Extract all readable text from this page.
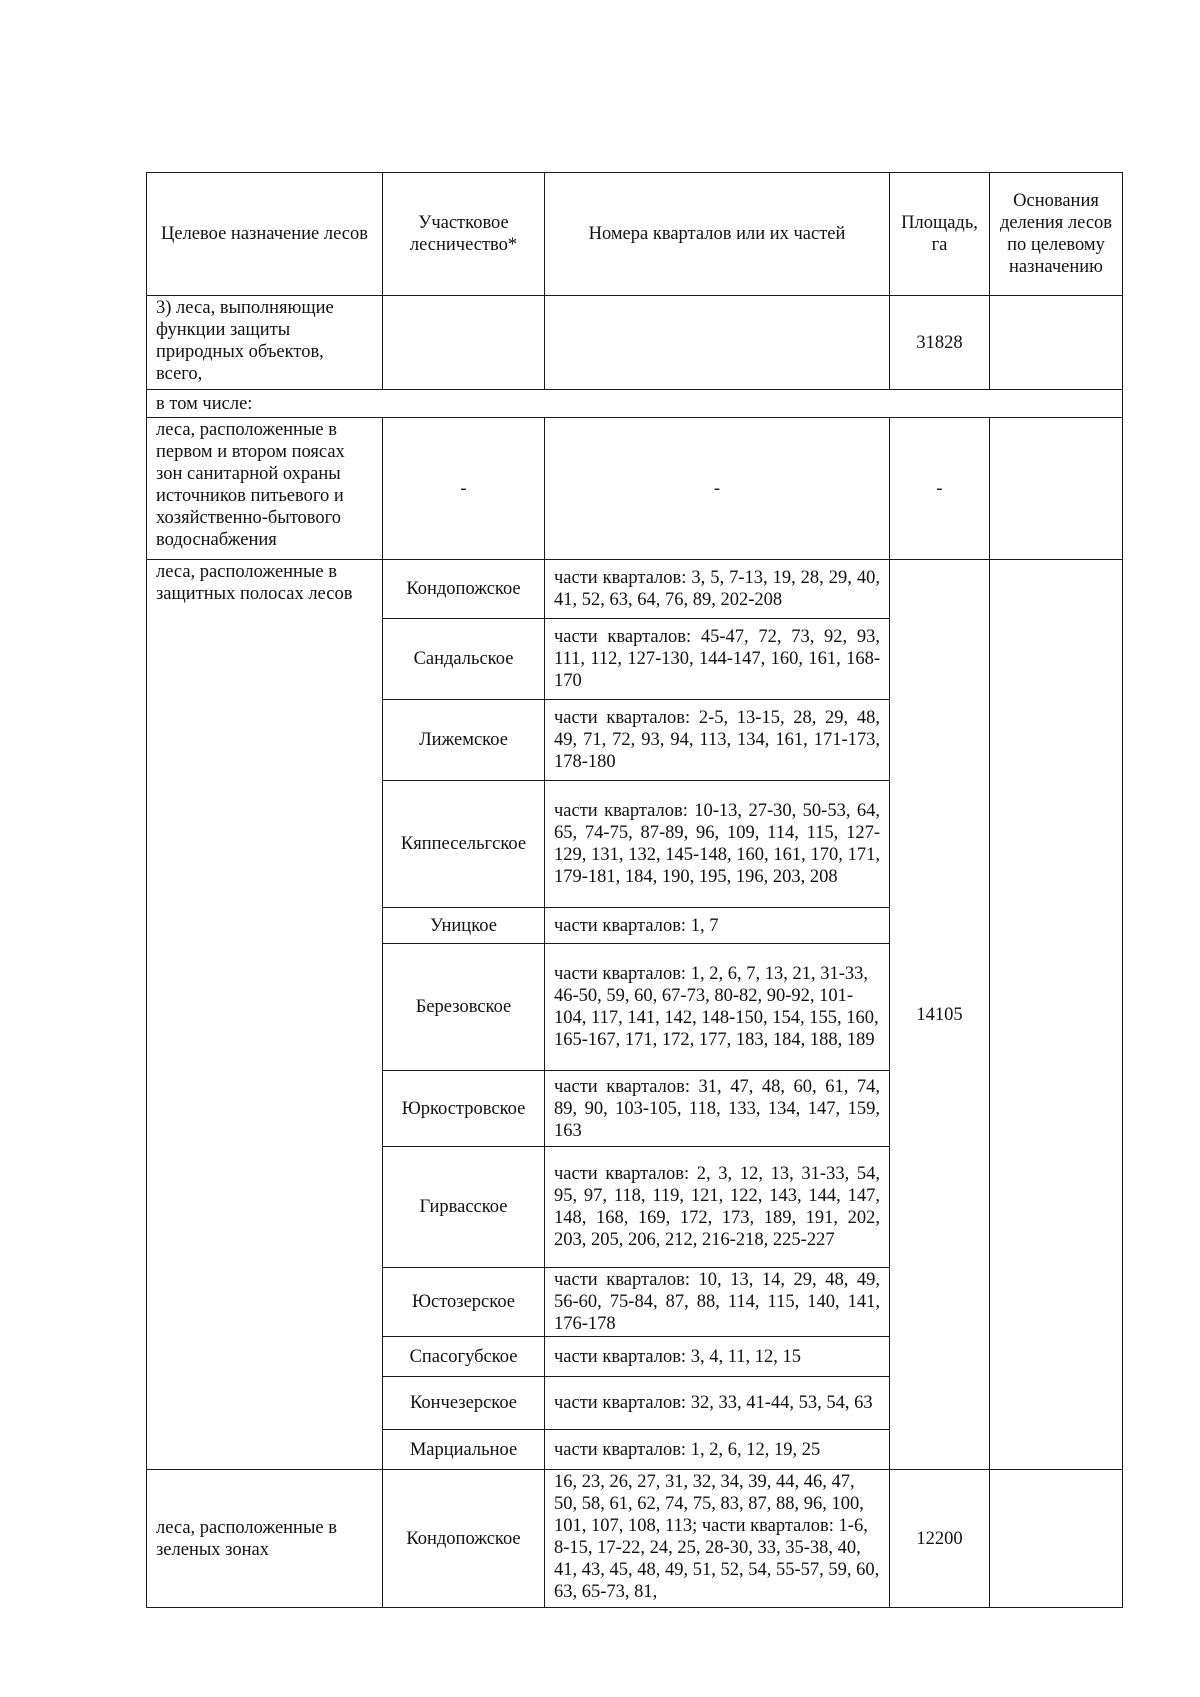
Целевое назначение лесов	Участковое лесничество*	Номера кварталов или их частей	Площадь, га	Основания деления лесов по целевому назначению
3) леса, выполняющие функции защиты природных объектов, всего,			31828	
в том числе:				
леса, расположенные в первом и втором поясах зон санитарной охраны источников питьевого и хозяйственно-бытового водоснабжения	-	-	-	
леса, расположенные в защитных полосах лесов	Кондопожское	части кварталов: 3, 5, 7-13, 19, 28, 29, 40, 41, 52, 63, 64, 76, 89, 202-208	14105	
	Сандальское	части кварталов: 45-47, 72, 73, 92, 93, 111, 112, 127-130, 144-147, 160, 161, 168-170		
	Лижемское	части кварталов: 2-5, 13-15, 28, 29, 48, 49, 71, 72, 93, 94, 113, 134, 161, 171-173, 178-180		
	Кяппесельгское	части кварталов: 10-13, 27-30, 50-53, 64, 65, 74-75, 87-89, 96, 109, 114, 115, 127-129, 131, 132, 145-148, 160, 161, 170, 171, 179-181, 184, 190, 195, 196, 203, 208		
	Уницкое	части кварталов: 1, 7		
	Березовское	части кварталов: 1, 2, 6, 7, 13, 21, 31-33, 46-50, 59, 60, 67-73, 80-82, 90-92, 101-104, 117, 141, 142, 148-150, 154, 155, 160, 165-167, 171, 172, 177, 183, 184, 188, 189		
	Юркостровское	части кварталов: 31, 47, 48, 60, 61, 74, 89, 90, 103-105, 118, 133, 134, 147, 159, 163		
	Гирвасское	части кварталов: 2, 3, 12, 13, 31-33, 54, 95, 97, 118, 119, 121, 122, 143, 144, 147, 148, 168, 169, 172, 173, 189, 191, 202, 203, 205, 206, 212, 216-218, 225-227		
	Юстозерское	части кварталов: 10, 13, 14, 29, 48, 49, 56-60, 75-84, 87, 88, 114, 115, 140, 141, 176-178		
	Спасогубское	части кварталов: 3, 4, 11, 12, 15		
	Кончезерское	части кварталов: 32, 33, 41-44, 53, 54, 63		
	Марциальное	части кварталов: 1, 2, 6, 12, 19, 25		
леса, расположенные в зеленых зонах	Кондопожское	16, 23, 26, 27, 31, 32, 34, 39, 44, 46, 47, 50, 58, 61, 62, 74, 75, 83, 87, 88, 96, 100, 101, 107, 108, 113; части кварталов: 1-6, 8-15, 17-22, 24, 25, 28-30, 33, 35-38, 40, 41, 43, 45, 48, 49, 51, 52, 54, 55-57, 59, 60, 63, 65-73, 81,	12200	
